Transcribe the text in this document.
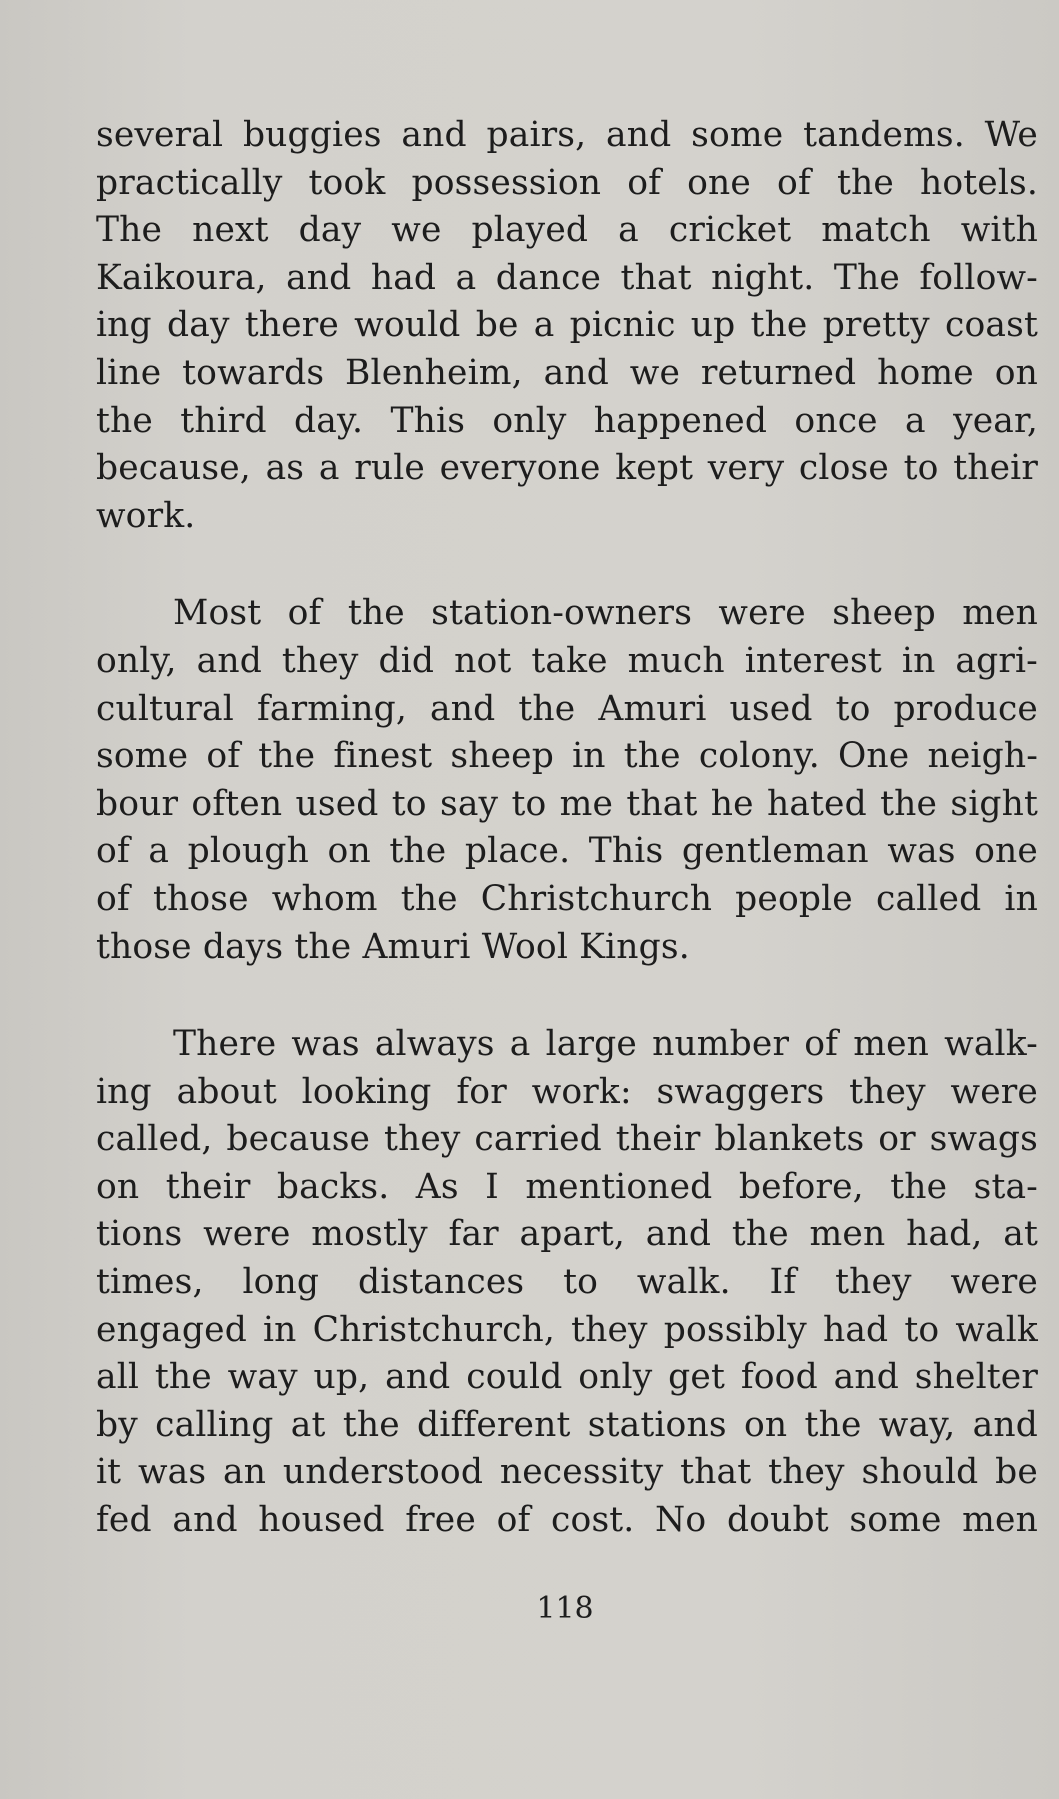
several buggies and pairs, and some tandems. We
practically took possession of one of the hotels.
The next day we played a cricket match with
Kaikoura, and had a dance that night. The follow-
ing day there would be a picnic up the pretty coast
line towards Blenheim, and we returned home on
the third day. This only happened once a year,
because, as a rule everyone kept very close to their
work.

Most of the station-owners were sheep men
only, and they did not take much interest in agri-
cultural farming, and the Amuri used to produce
some of the finest sheep in the colony. One neigh-
bour often used to say to me that he hated the sight
of a plough on the place. This gentleman was one
of those whom the Christchurch people called in
those days the Amuri Wool Kings.

There was always a large number of men walk-
ing about looking for work: swaggers they were
called, because they carried their blankets or swags
on their backs. As I mentioned before, the sta-
tions were mostly far apart, and the men had, at
times, long distances to walk. If they were
engaged in Christchurch, they possibly had to walk
all the way up, and could only get food and shelter
by calling at the different stations on the way, and
it was an understood necessity that they should be
fed and housed free of cost. No doubt some men

118
